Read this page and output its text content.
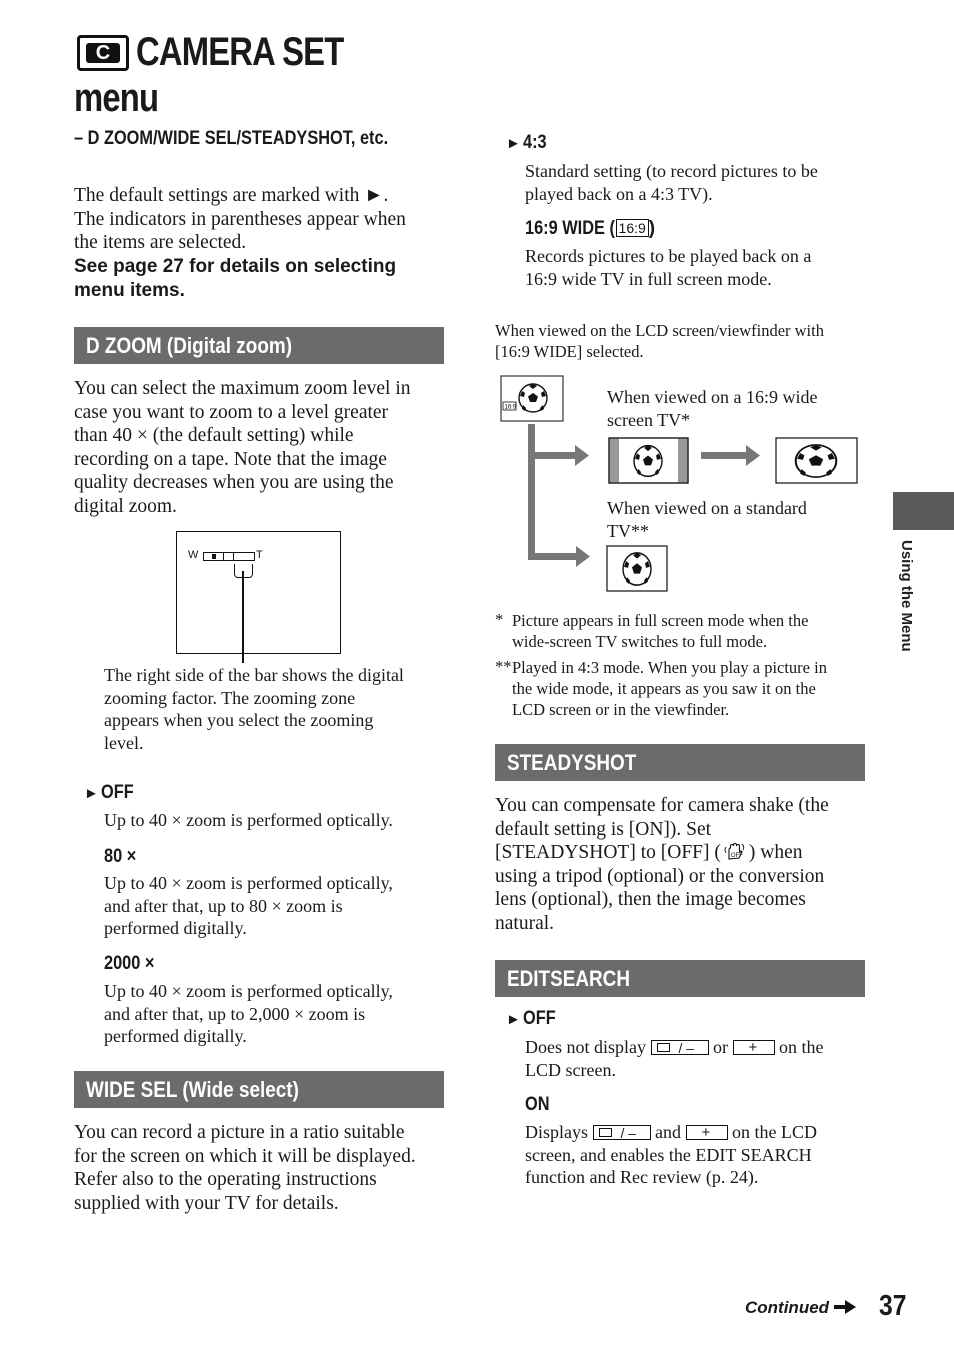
C CAMERA SET
menu
– D ZOOM/WIDE SEL/STEADYSHOT, etc.
The default settings are marked with ►.
The indicators in parentheses appear when
the items are selected.
See page 27 for details on selecting
menu items.
D ZOOM (Digital zoom)
You can select the maximum zoom level in
case you want to zoom to a level greater
than 40 × (the default setting) while
recording on a tape. Note that the image
quality decreases when you are using the
digital zoom.
W	T
The right side of the bar shows the digital
zooming factor. The zooming zone
appears when you select the zooming
level.
► OFF
Up to 40 × zoom is performed optically.
80 ×
Up to 40 × zoom is performed optically,
and after that, up to 80 × zoom is
performed digitally.
2000 ×
Up to 40 × zoom is performed optically,
and after that, up to 2,000 × zoom is
performed digitally.
WIDE SEL (Wide select)
You can record a picture in a ratio suitable
for the screen on which it will be displayed.
Refer also to the operating instructions
supplied with your TV for details.
► 4:3
Standard setting (to record pictures to be
played back on a 4:3 TV).
16:9 WIDE ( 16:9 )
Records pictures to be played back on a
16:9 wide TV in full screen mode.
When viewed on the LCD screen/viewfinder with
[16:9 WIDE] selected.
16:9
When viewed on a 16:9 wide
screen TV*
When viewed on a standard
TV**
* Picture appears in full screen mode when the
wide-screen TV switches to full mode.
** Played in 4:3 mode. When you play a picture in
the wide mode, it appears as you saw it on the
LCD screen or in the viewfinder.
STEADYSHOT
You can compensate for camera shake (the
default setting is [ON]). Set
[STEADYSHOT] to [OFF] ( OFF ) when
using a tripod (optional) or the conversion
lens (optional), then the image becomes
natural.
EDITSEARCH
► OFF
Does not display / – or + on the
LCD screen.
ON
Displays / – and + on the LCD
screen, and enables the EDIT SEARCH
function and Rec review (p. 24).
Using the Menu
Continued	37
